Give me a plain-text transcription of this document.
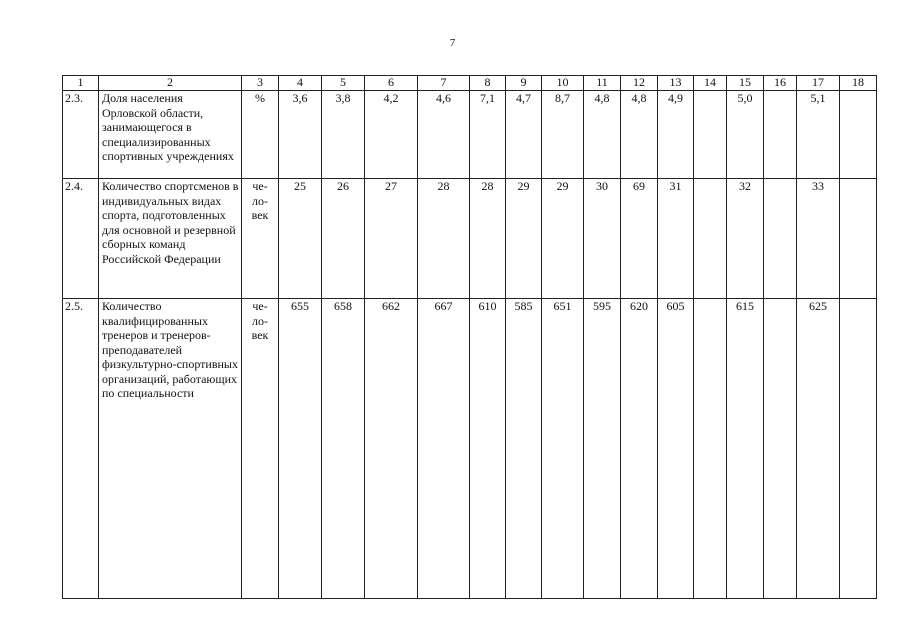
7
1	2	3	4	5	6	7	8	9	10	11	12	13	14	15	16	17	18
2.3.	Доля населения Орловской области, занимающегося в специализированных спортивных учреждениях	%	3,6	3,8	4,2	4,6	7,1	4,7	8,7	4,8	4,8	4,9		5,0		5,1	
2.4.	Количество спортсменов в индивидуальных видах спорта, подготовленных для основной и резервной сборных команд Российской Федерации	че-
ло-
век	25	26	27	28	28	29	29	30	69	31		32		33	
2.5.	Количество квалифицированных тренеров и тренеров-преподавателей физкультурно-спортивных организаций, работающих по специальности	че-
ло-
век	655	658	662	667	610	585	651	595	620	605		615		625	
